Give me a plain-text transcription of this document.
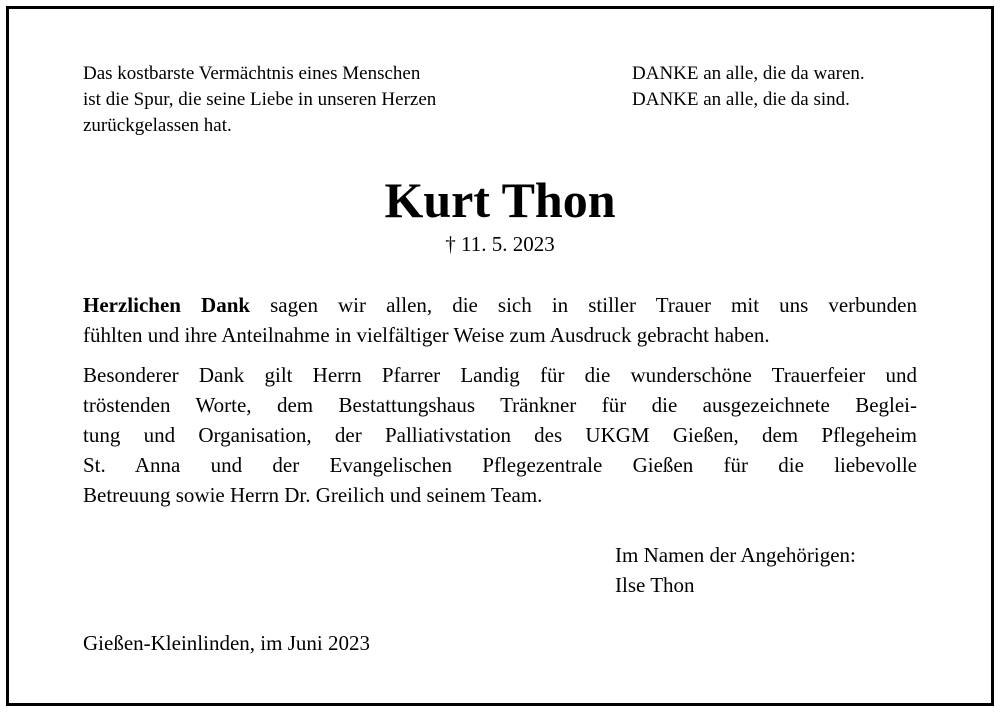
Das kostbarste Vermächtnis eines Menschen
ist die Spur, die seine Liebe in unseren Herzen
zurückgelassen hat.
DANKE an alle, die da waren.
DANKE an alle, die da sind.
Kurt Thon
† 11. 5. 2023
Herzlichen Dank sagen wir allen, die sich in stiller Trauer mit uns verbunden
fühlten und ihre Anteilnahme in vielfältiger Weise zum Ausdruck gebracht haben.
Besonderer Dank gilt Herrn Pfarrer Landig für die wunderschöne Trauerfeier und
tröstenden Worte, dem Bestattungshaus Tränkner für die ausgezeichnete Beglei-
tung und Organisation, der Palliativstation des UKGM Gießen, dem Pflegeheim
St. Anna und der Evangelischen Pflegezentrale Gießen für die liebevolle
Betreuung sowie Herrn Dr. Greilich und seinem Team.
Im Namen der Angehörigen:
Ilse Thon
Gießen-Kleinlinden, im Juni 2023
